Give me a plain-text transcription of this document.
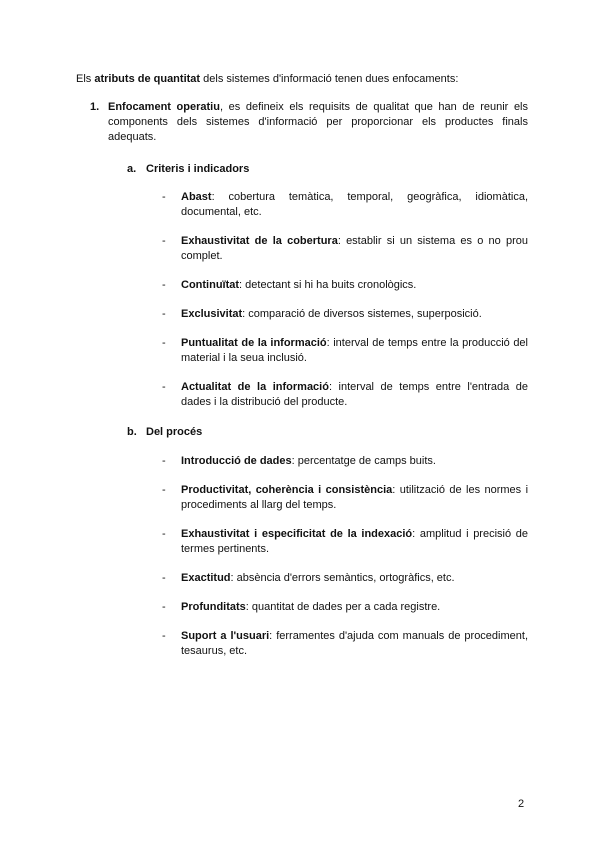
Els atributs de quantitat dels sistemes d'informació tenen dues enfocaments:
1. Enfocament operatiu, es defineix els requisits de qualitat que han de reunir els components dels sistemes d'informació per proporcionar els productes finals adequats.
a. Criteris i indicadors
- Abast: cobertura temàtica, temporal, geogràfica, idiomàtica, documental, etc.
- Exhaustivitat de la cobertura: establir si un sistema es o no prou complet.
- Continuïtat: detectant si hi ha buits cronològics.
- Exclusivitat: comparació de diversos sistemes, superposició.
- Puntualitat de la informació: interval de temps entre la producció del material i la seua inclusió.
- Actualitat de la informació: interval de temps entre l'entrada de dades i la distribució del producte.
b. Del procés
- Introducció de dades: percentatge de camps buits.
- Productivitat, coherència i consistència: utilització de les normes i procediments al llarg del temps.
- Exhaustivitat i especificitat de la indexació: amplitud i precisió de termes pertinents.
- Exactitud: absència d'errors semàntics, ortogràfics, etc.
- Profunditats: quantitat de dades per a cada registre.
- Suport a l'usuari: ferramentes d'ajuda com manuals de procediment, tesaurus, etc.
2
